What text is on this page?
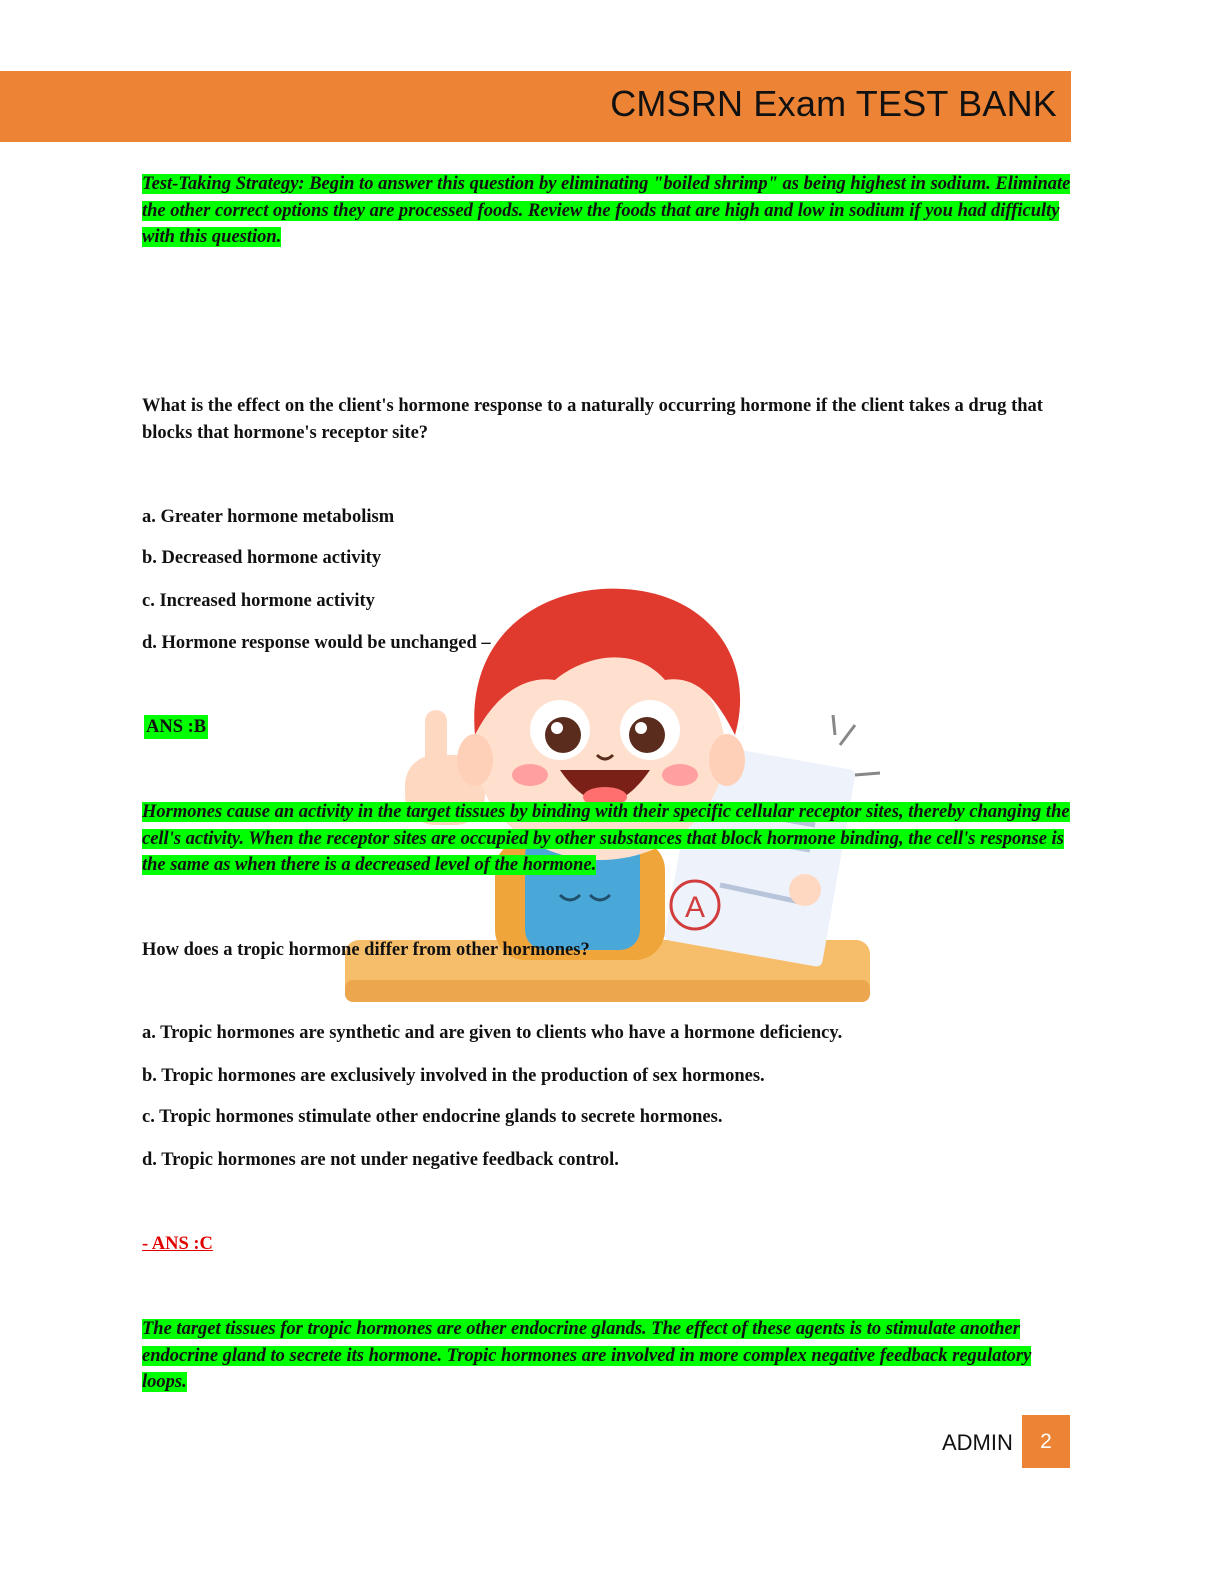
CMSRN Exam TEST BANK
A

Test-Taking Strategy: Begin to answer this question by eliminating "boiled shrimp" as being highest in sodium. Eliminate the other correct options they are processed foods. Review the foods that are high and low in sodium if you had difficulty with this question.

What is the effect on the client's hormone response to a naturally occurring hormone if the client takes a drug that blocks that hormone's receptor site?

a. Greater hormone metabolism

b. Decreased hormone activity

c. Increased hormone activity

d. Hormone response would be unchanged –

ANS :B

Hormones cause an activity in the target tissues by binding with their specific cellular receptor sites, thereby changing the cell's activity. When the receptor sites are occupied by other substances that block hormone binding, the cell's response is the same as when there is a decreased level of the hormone.

How does a tropic hormone differ from other hormones?

a. Tropic hormones are synthetic and are given to clients who have a hormone deficiency.

b. Tropic hormones are exclusively involved in the production of sex hormones.

c. Tropic hormones stimulate other endocrine glands to secrete hormones.

d. Tropic hormones are not under negative feedback control.

- ANS :C

The target tissues for tropic hormones are other endocrine glands. The effect of these agents is to stimulate another endocrine gland to secrete its hormone. Tropic hormones are involved in more complex negative feedback regulatory loops.

ADMIN	2
